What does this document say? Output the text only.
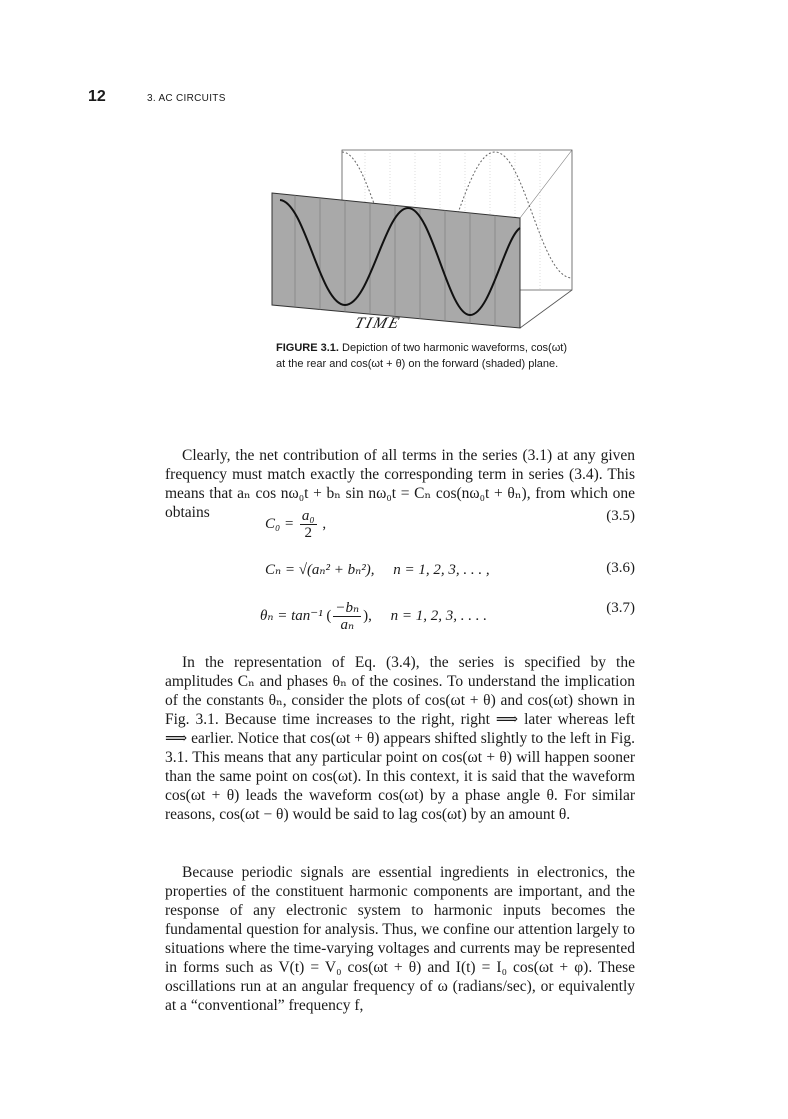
12	3. AC CIRCUITS
TIME
FIGURE 3.1. Depiction of two harmonic waveforms, cos(ωt) at the rear and cos(ωt + θ) on the forward (shaded) plane.

Clearly, the net contribution of all terms in the series (3.1) at any given frequency must match exactly the corresponding term in series (3.4). This means that aₙ cos nω₀t + bₙ sin nω₀t = Cₙ cos(nω₀t + θₙ), from which one obtains

$C_0 = \frac{\text{a₀}}{2}$ ,	(3.5)
Cₙ = √(aₙ² + bₙ²), n = 1, 2, 3, . . . ,	(3.6)
θₙ = tan⁻¹ ( $\frac{\text{−bₙ}}{\text{aₙ}}$ ),     n = 1, 2, 3, . . . .	(3.7)

In the representation of Eq. (3.4), the series is specified by the amplitudes Cₙ and phases θₙ of the cosines. To understand the implication of the constants θₙ, consider the plots of cos(ωt + θ) and cos(ωt) shown in Fig. 3.1. Because time increases to the right, right ⟹ later whereas left ⟹ earlier. Notice that cos(ωt + θ) appears shifted slightly to the left in Fig. 3.1. This means that any particular point on cos(ωt + θ) will happen sooner than the same point on cos(ωt). In this context, it is said that the waveform cos(ωt + θ) leads the waveform cos(ωt) by a phase angle θ. For similar reasons, cos(ωt − θ) would be said to lag cos(ωt) by an amount θ.

Because periodic signals are essential ingredients in electronics, the properties of the constituent harmonic components are important, and the response of any electronic system to harmonic inputs becomes the fundamental question for analysis. Thus, we confine our attention largely to situations where the time-varying voltages and currents may be represented in forms such as V(t) = V₀ cos(ωt + θ) and I(t) = I₀ cos(ωt + φ). These oscillations run at an angular frequency of ω (radians/sec), or equivalently at a “conventional” frequency f,
